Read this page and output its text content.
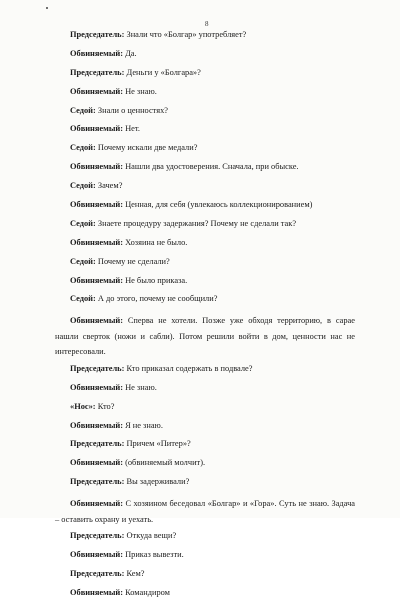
8
Председатель: Знали что «Болгар» употребляет?
Обвиняемый: Да.
Председатель: Деньги у «Болгара»?
Обвиняемый: Не знаю.
Седой: Знали о ценностях?
Обвиняемый: Нет.
Седой: Почему искали две медали?
Обвиняемый: Нашли два удостоверения. Сначала, при обыске.
Седой: Зачем?
Обвиняемый: Ценная, для себя (увлекаюсь коллекционированием)
Седой: Знаете процедуру задержания? Почему не сделали так?
Обвиняемый: Хозяина не было.
Седой: Почему не сделали?
Обвиняемый: Не было приказа.
Седой: А до этого, почему не сообщили?
Обвиняемый: Сперва не хотели. Позже уже обходя территорию, в сарае нашли сверток (ножи и сабли). Потом решили войти в дом, ценности нас не интересовали.
Председатель: Кто приказал содержать в подвале?
Обвиняемый: Не знаю.
«Нос»: Кто?
Обвиняемый: Я не знаю.
Председатель: Причем «Питер»?
Обвиняемый: (обвиняемый молчит).
Председатель: Вы задерживали?
Обвиняемый: С хозяином беседовал «Болгар» и «Гора». Суть не знаю. Задача – оставить охрану и уехать.
Председатель: Откуда вещи?
Обвиняемый: Приказ вывезти.
Председатель: Кем?
Обвиняемый: Командиром
